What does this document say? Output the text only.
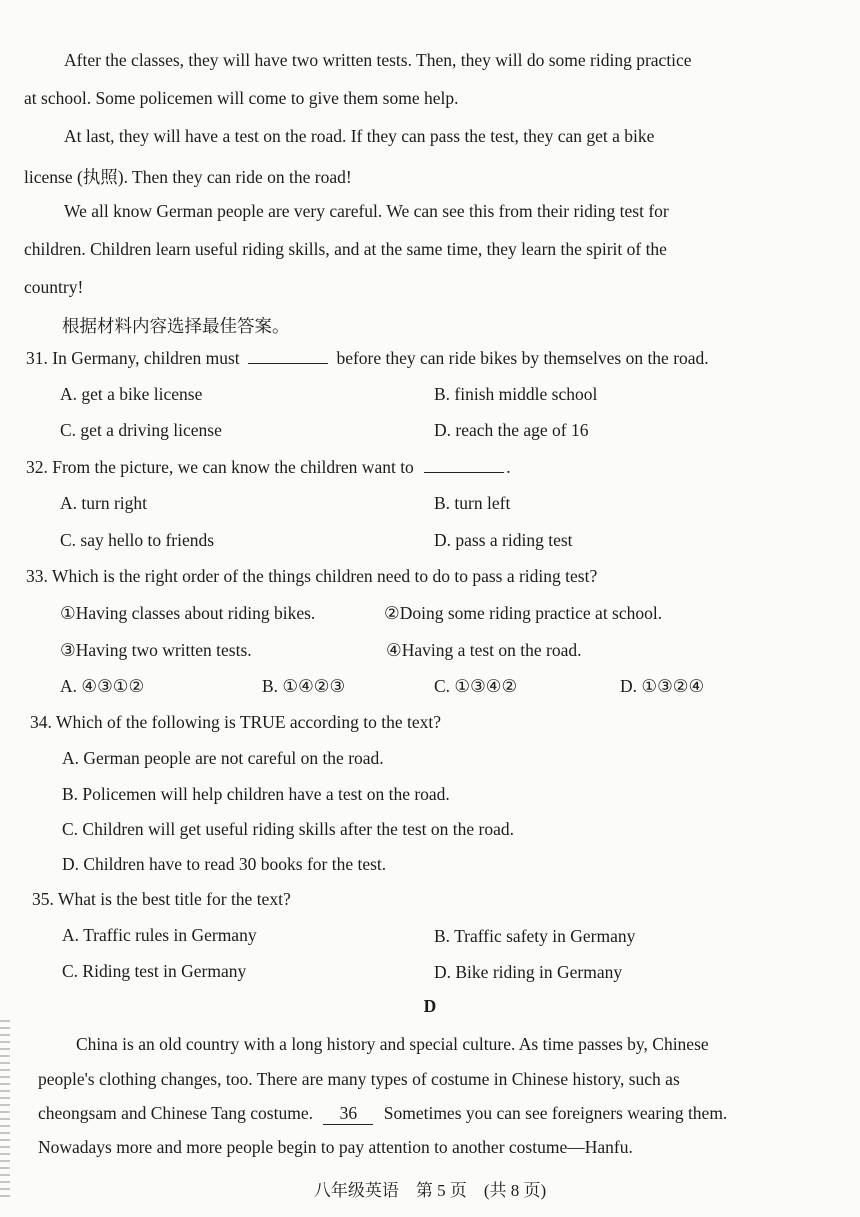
After the classes, they will have two written tests. Then, they will do some riding practice
at school. Some policemen will come to give them some help.
At last, they will have a test on the road. If they can pass the test, they can get a bike
license (执照). Then they can ride on the road!
We all know German people are very careful. We can see this from their riding test for
children. Children learn useful riding skills, and at the same time, they learn the spirit of the
country!
根据材料内容选择最佳答案。
31. In Germany, children must	before they can ride bikes by themselves on the road.
A. get a bike license	B. finish middle school
C. get a driving license	D. reach the age of 16
32. From the picture, we can know the children want to	.
A. turn right	B. turn left
C. say hello to friends	D. pass a riding test
33. Which is the right order of the things children need to do to pass a riding test?
①Having classes about riding bikes.	②Doing some riding practice at school.
③Having two written tests.	④Having a test on the road.
A. ④③①②	B. ①④②③	C. ①③④②	D. ①③②④
34. Which of the following is TRUE according to the text?
A. German people are not careful on the road.
B. Policemen will help children have a test on the road.
C. Children will get useful riding skills after the test on the road.
D. Children have to read 30 books for the test.
35. What is the best title for the text?
A. Traffic rules in Germany	B. Traffic safety in Germany
C. Riding test in Germany	D. Bike riding in Germany
D
China is an old country with a long history and special culture. As time passes by, Chinese
people's clothing changes, too. There are many types of costume in Chinese history, such as
cheongsam and Chinese Tang costume. 36 Sometimes you can see foreigners wearing them.
Nowadays more and more people begin to pay attention to another costume—Hanfu.
八年级英语　第 5 页　(共 8 页)
